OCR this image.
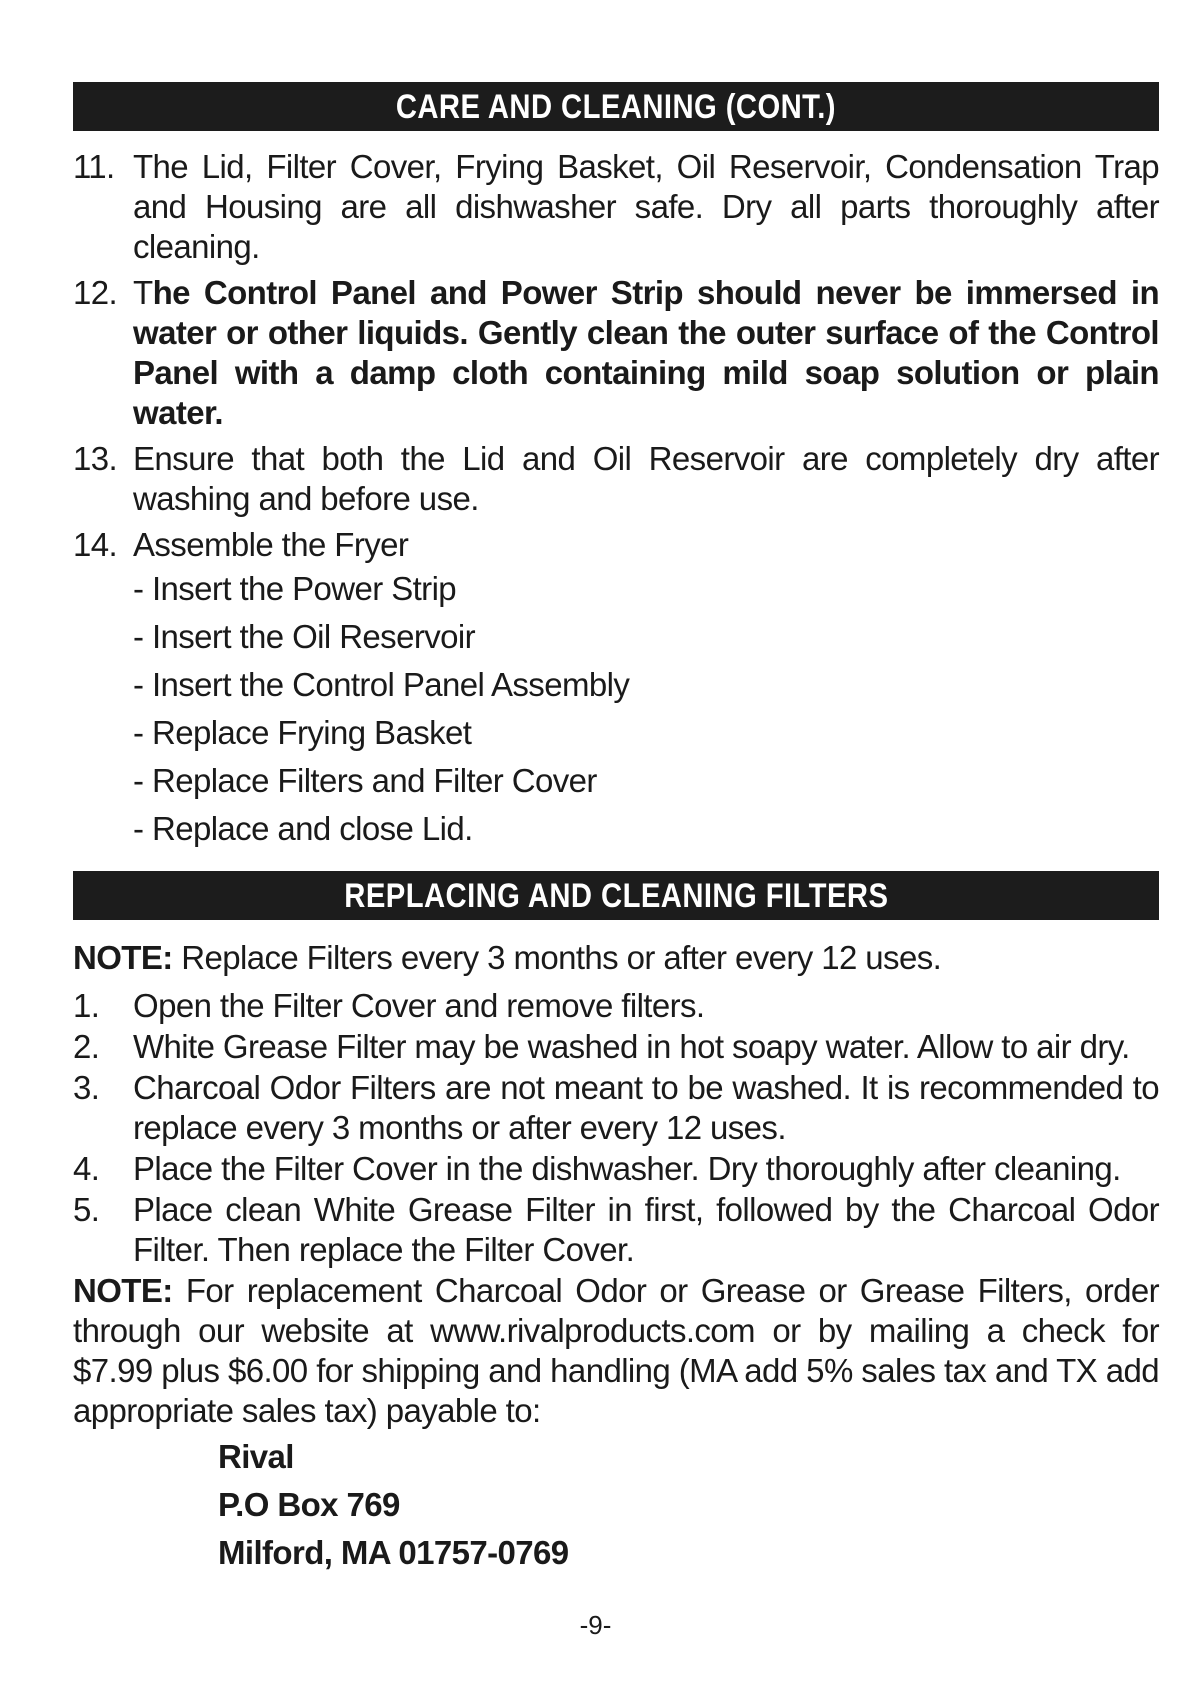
CARE AND CLEANING (CONT.)
11. The Lid, Filter Cover, Frying Basket, Oil Reservoir, Condensation Trap and Housing are all dishwasher safe. Dry all parts thoroughly after cleaning.
12. The Control Panel and Power Strip should never be immersed in water or other liquids. Gently clean the outer surface of the Control Panel with a damp cloth containing mild soap solution or plain water.
13. Ensure that both the Lid and Oil Reservoir are completely dry after washing and before use.
14. Assemble the Fryer
- Insert the Power Strip
- Insert the Oil Reservoir
- Insert the Control Panel Assembly
- Replace Frying Basket
- Replace Filters and Filter Cover
- Replace and close Lid.
REPLACING AND CLEANING FILTERS
NOTE: Replace Filters every 3 months or after every 12 uses.
1.	Open the Filter Cover and remove filters.
2.	White Grease Filter may be washed in hot soapy water. Allow to air dry.
3.	Charcoal Odor Filters are not meant to be washed. It is recommended to replace every 3 months or after every 12 uses.
4.	Place the Filter Cover in the dishwasher. Dry thoroughly after cleaning.
5.	Place clean White Grease Filter in first, followed by the Charcoal Odor Filter. Then replace the Filter Cover.
NOTE: For replacement Charcoal Odor or Grease or Grease Filters, order through our website at www.rivalproducts.com or by mailing a check for $7.99 plus $6.00 for shipping and handling (MA add 5% sales tax and TX add appropriate sales tax) payable to:
Rival
P.O Box 769
Milford, MA 01757-0769
-9-
